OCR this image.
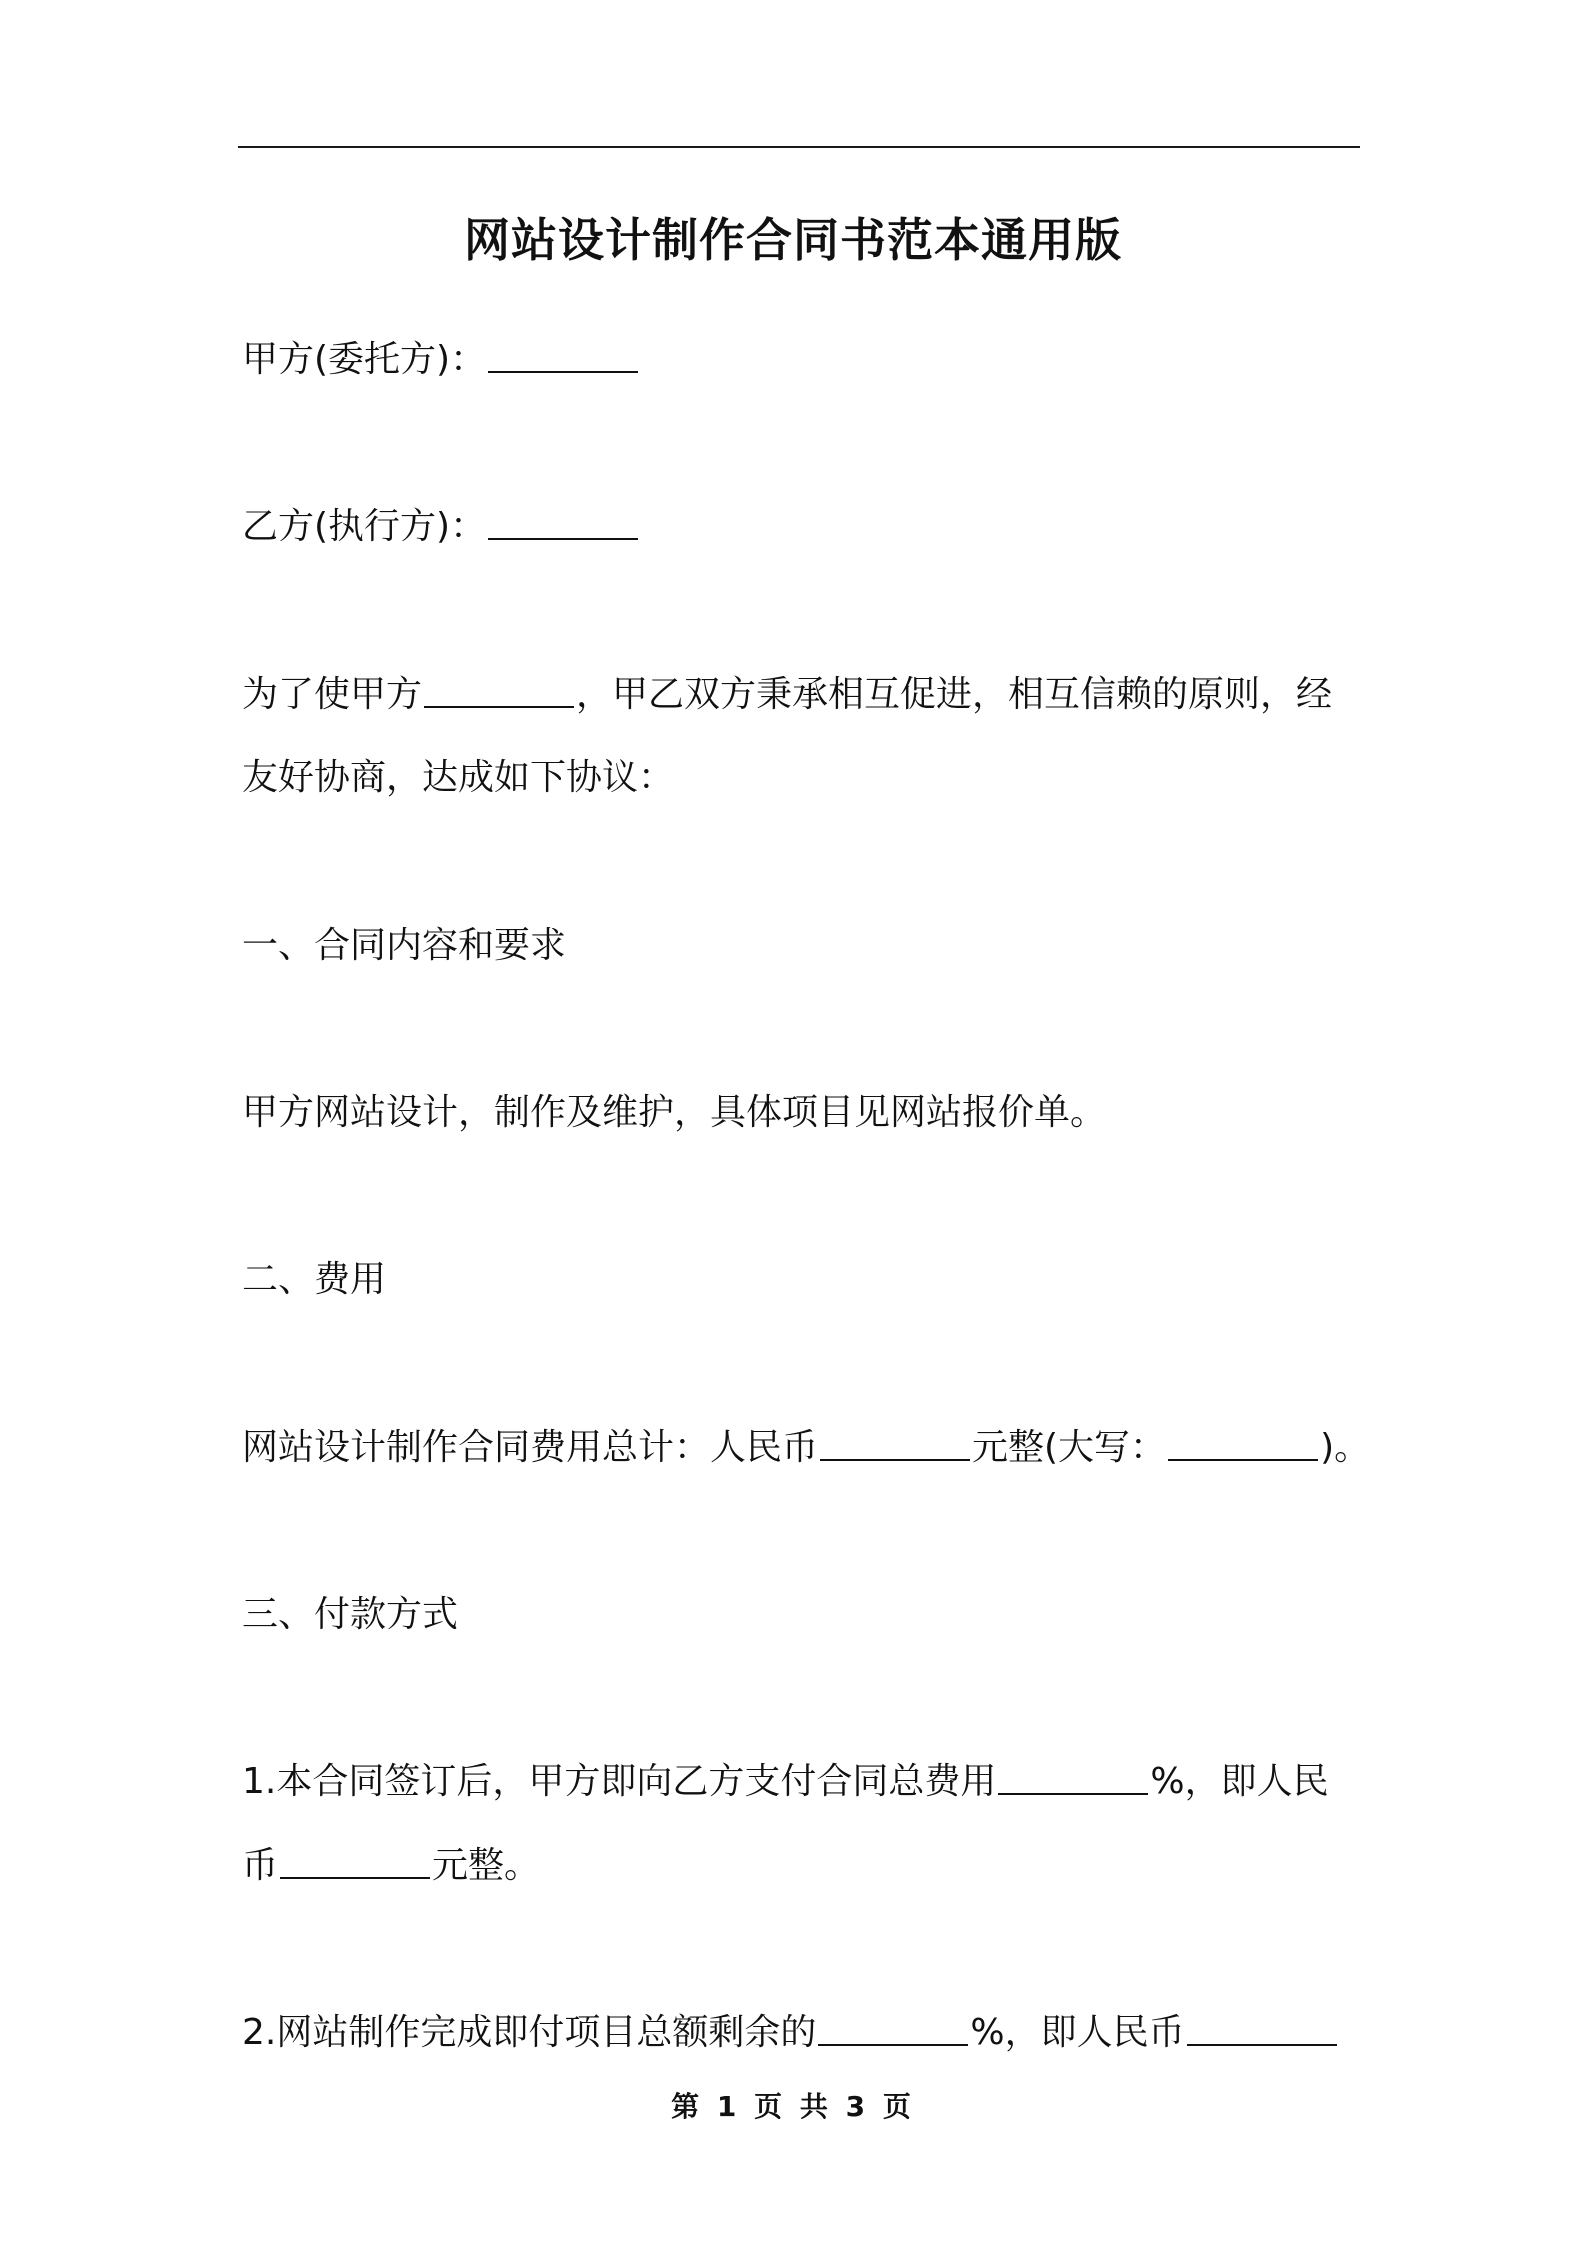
网站设计制作合同书范本通用版
甲方(委托方)：
乙方(执行方)：
为了使甲方	，甲乙双方秉承相互促进，相互信赖的原则，经
友好协商，达成如下协议：
一、合同内容和要求
甲方网站设计，制作及维护，具体项目见网站报价单。
二、费用
网站设计制作合同费用总计：人民币	元整(大写：	)。
三、付款方式
1.本合同签订后，甲方即向乙方支付合同总费用	%，即人民
币	元整。
2.网站制作完成即付项目总额剩余的	%，即人民币
第 1 页 共 3 页
